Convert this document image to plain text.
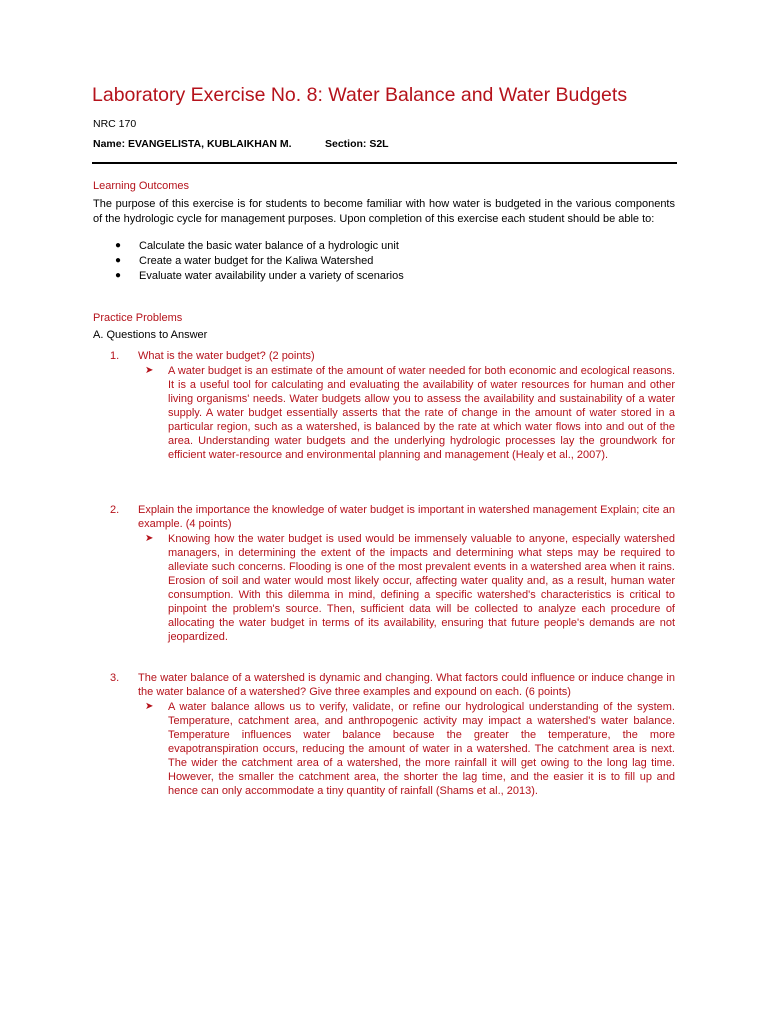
Laboratory Exercise No. 8: Water Balance and Water Budgets
NRC 170
Name: EVANGELISTA, KUBLAIKHAN M.	Section: S2L
Learning Outcomes
The purpose of this exercise is for students to become familiar with how water is budgeted in the various components of the hydrologic cycle for management purposes. Upon completion of this exercise each student should be able to:
● Calculate the basic water balance of a hydrologic unit
● Create a water budget for the Kaliwa Watershed
● Evaluate water availability under a variety of scenarios
Practice Problems
A. Questions to Answer
1. What is the water budget? (2 points)
➤ A water budget is an estimate of the amount of water needed for both economic and ecological reasons. It is a useful tool for calculating and evaluating the availability of water resources for human and other living organisms' needs. Water budgets allow you to assess the availability and sustainability of a water supply. A water budget essentially asserts that the rate of change in the amount of water stored in a particular region, such as a watershed, is balanced by the rate at which water flows into and out of the area. Understanding water budgets and the underlying hydrologic processes lay the groundwork for efficient water-resource and environmental planning and management (Healy et al., 2007).
2. Explain the importance the knowledge of water budget is important in watershed management Explain; cite an example. (4 points)
➤ Knowing how the water budget is used would be immensely valuable to anyone, especially watershed managers, in determining the extent of the impacts and determining what steps may be required to alleviate such concerns. Flooding is one of the most prevalent events in a watershed area when it rains. Erosion of soil and water would most likely occur, affecting water quality and, as a result, human water consumption. With this dilemma in mind, defining a specific watershed's characteristics is critical to pinpoint the problem's source. Then, sufficient data will be collected to analyze each procedure of allocating the water budget in terms of its availability, ensuring that future people's demands are not jeopardized.
3. The water balance of a watershed is dynamic and changing. What factors could influence or induce change in the water balance of a watershed? Give three examples and expound on each. (6 points)
➤ A water balance allows us to verify, validate, or refine our hydrological understanding of the system. Temperature, catchment area, and anthropogenic activity may impact a watershed's water balance. Temperature influences water balance because the greater the temperature, the more evapotranspiration occurs, reducing the amount of water in a watershed. The catchment area is next. The wider the catchment area of a watershed, the more rainfall it will get owing to the long lag time. However, the smaller the catchment area, the shorter the lag time, and the easier it is to fill up and hence can only accommodate a tiny quantity of rainfall (Shams et al., 2013).
